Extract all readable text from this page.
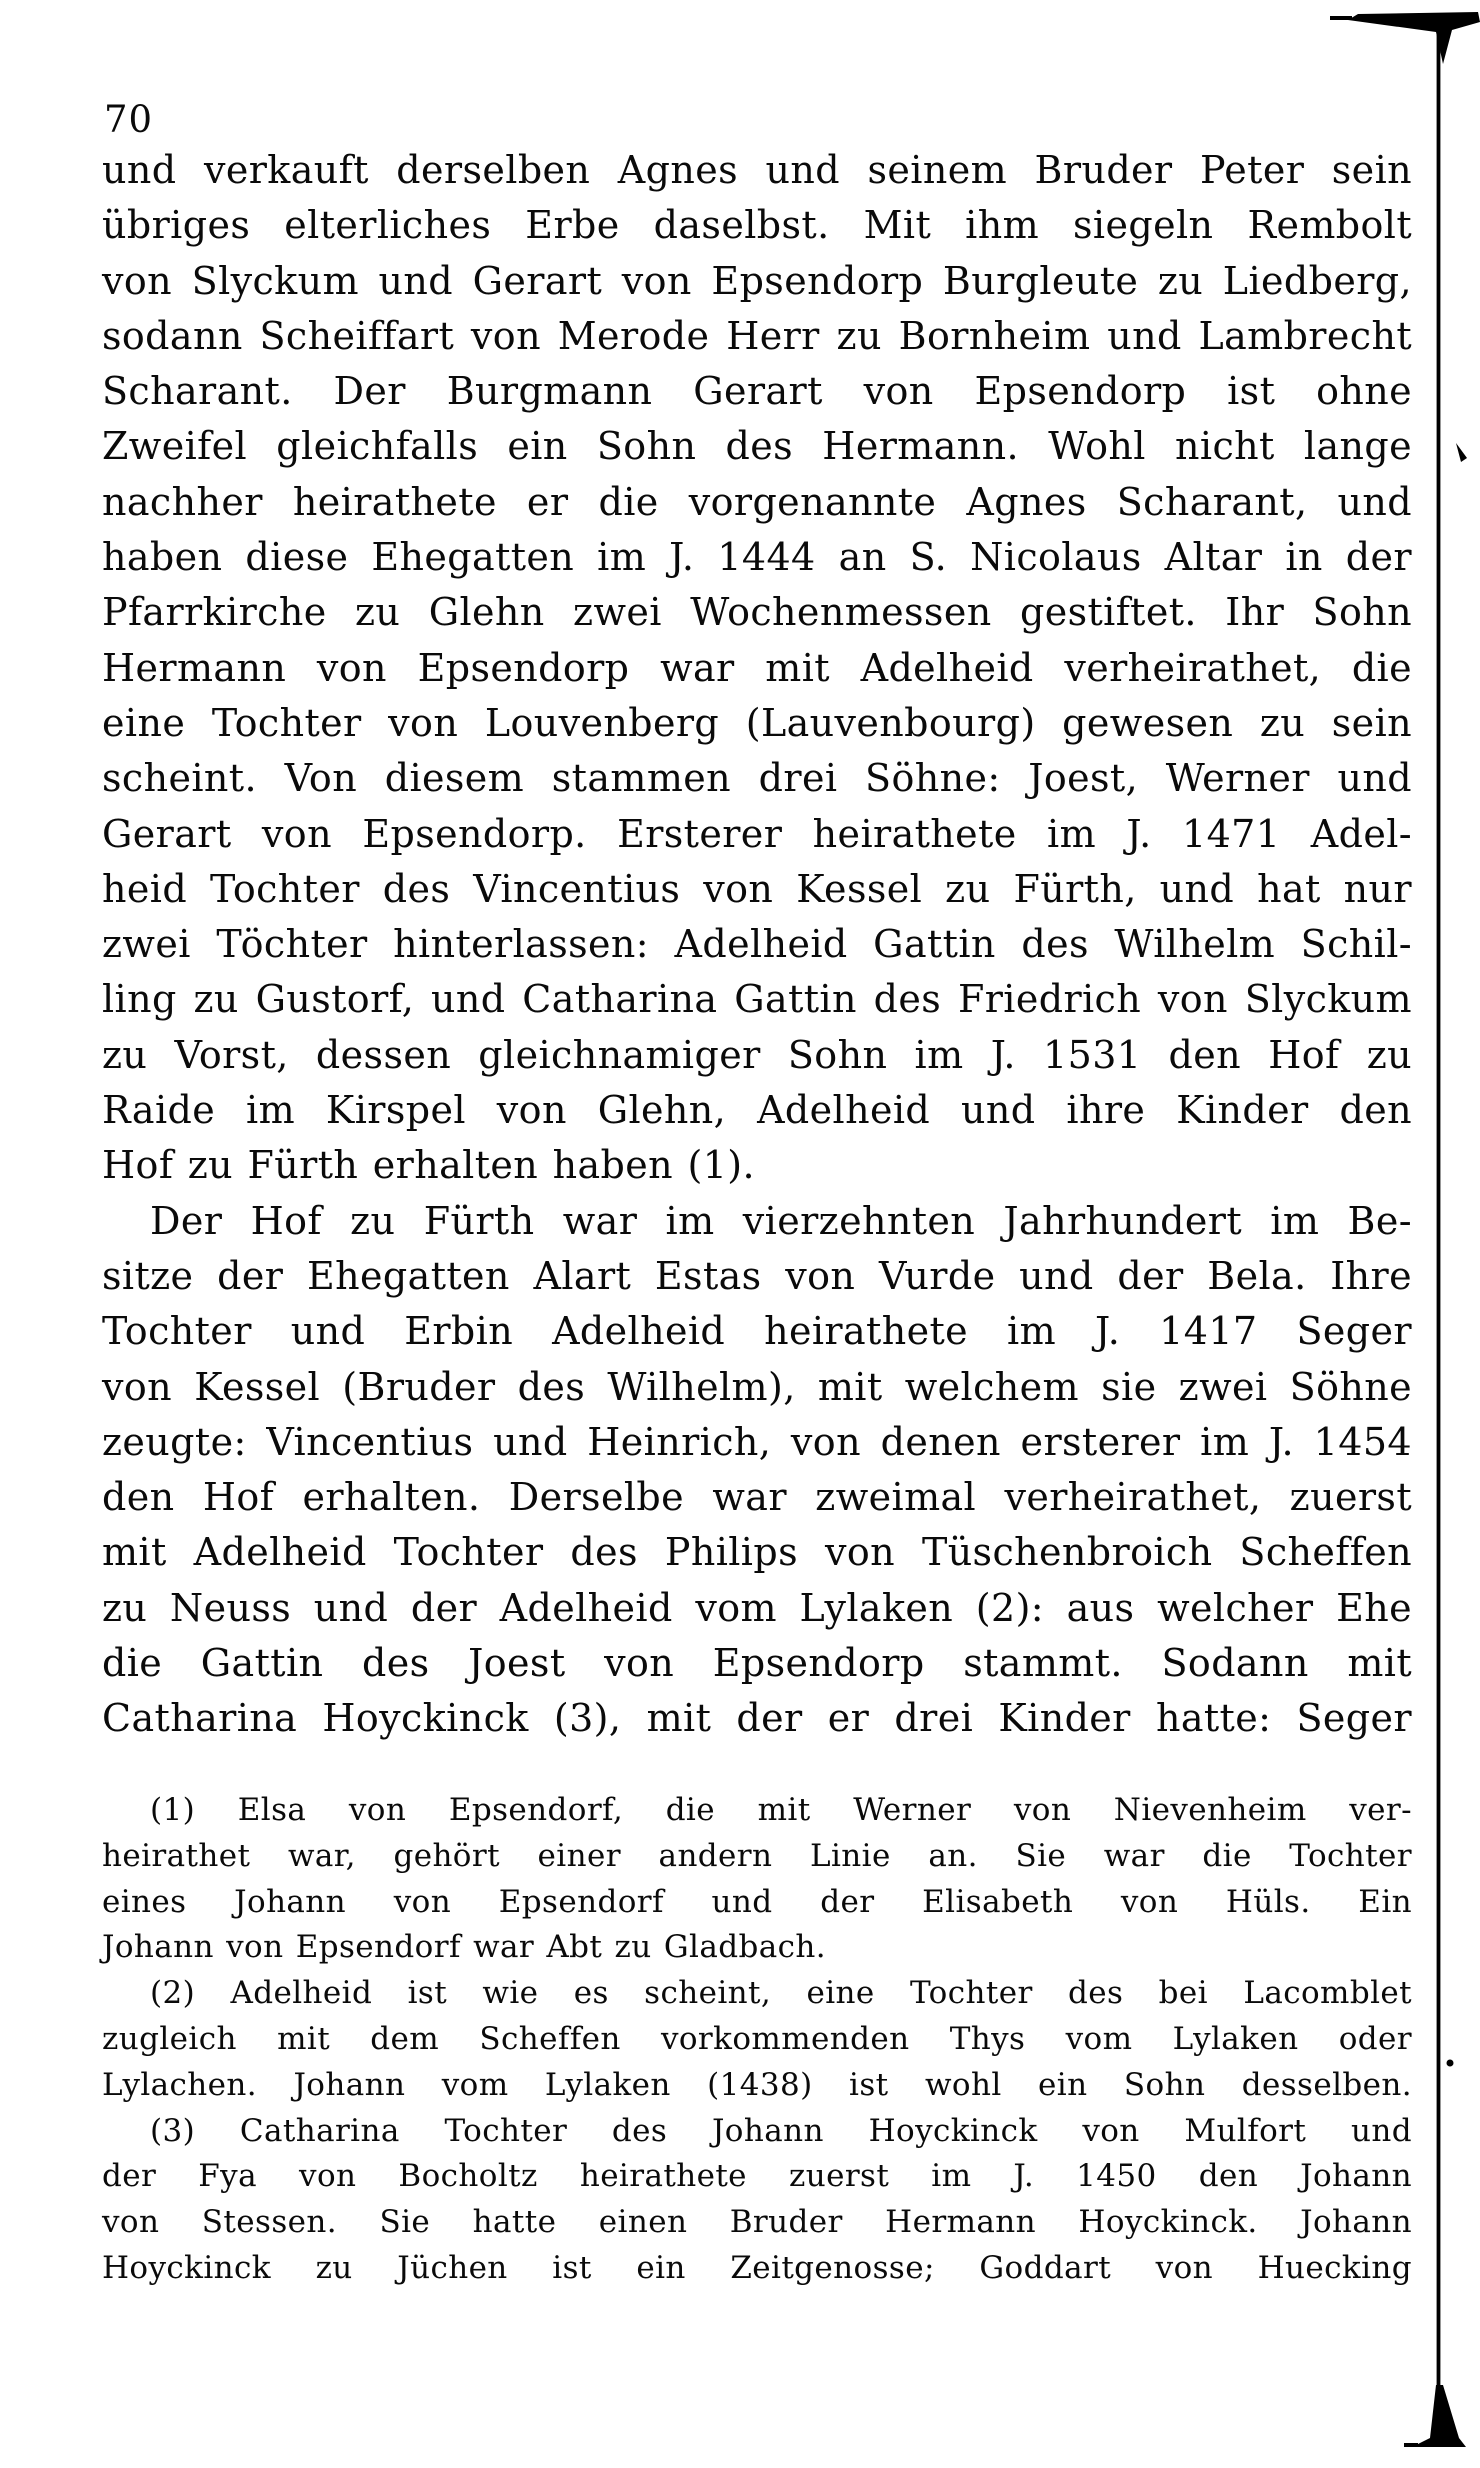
70
und verkauft derselben Agnes und seinem Bruder Peter sein
übriges elterliches Erbe daselbst. Mit ihm siegeln Rembolt
von Slyckum und Gerart von Epsendorp Burgleute zu Liedberg,
sodann Scheiffart von Merode Herr zu Bornheim und Lambrecht
Scharant. Der Burgmann Gerart von Epsendorp ist ohne
Zweifel gleichfalls ein Sohn des Hermann. Wohl nicht lange
nachher heirathete er die vorgenannte Agnes Scharant, und
haben diese Ehegatten im J. 1444 an S. Nicolaus Altar in der
Pfarrkirche zu Glehn zwei Wochenmessen gestiftet. Ihr Sohn
Hermann von Epsendorp war mit Adelheid verheirathet, die
eine Tochter von Louvenberg (Lauvenbourg) gewesen zu sein
scheint. Von diesem stammen drei Söhne: Joest, Werner und
Gerart von Epsendorp. Ersterer heirathete im J. 1471 Adel-
heid Tochter des Vincentius von Kessel zu Fürth, und hat nur
zwei Töchter hinterlassen: Adelheid Gattin des Wilhelm Schil-
ling zu Gustorf, und Catharina Gattin des Friedrich von Slyckum
zu Vorst, dessen gleichnamiger Sohn im J. 1531 den Hof zu
Raide im Kirspel von Glehn, Adelheid und ihre Kinder den
Hof zu Fürth erhalten haben (1).
Der Hof zu Fürth war im vierzehnten Jahrhundert im Be-
sitze der Ehegatten Alart Estas von Vurde und der Bela. Ihre
Tochter und Erbin Adelheid heirathete im J. 1417 Seger
von Kessel (Bruder des Wilhelm), mit welchem sie zwei Söhne
zeugte: Vincentius und Heinrich, von denen ersterer im J. 1454
den Hof erhalten. Derselbe war zweimal verheirathet, zuerst
mit Adelheid Tochter des Philips von Tüschenbroich Scheffen
zu Neuss und der Adelheid vom Lylaken (2): aus welcher Ehe
die Gattin des Joest von Epsendorp stammt. Sodann mit
Catharina Hoyckinck (3), mit der er drei Kinder hatte: Seger
(1) Elsa von Epsendorf, die mit Werner von Nievenheim ver-
heirathet war, gehört einer andern Linie an. Sie war die Tochter
eines Johann von Epsendorf und der Elisabeth von Hüls. Ein
Johann von Epsendorf war Abt zu Gladbach.
(2) Adelheid ist wie es scheint, eine Tochter des bei Lacomblet
zugleich mit dem Scheffen vorkommenden Thys vom Lylaken oder
Lylachen. Johann vom Lylaken (1438) ist wohl ein Sohn desselben.
(3) Catharina Tochter des Johann Hoyckinck von Mulfort und
der Fya von Bocholtz heirathete zuerst im J. 1450 den Johann
von Stessen. Sie hatte einen Bruder Hermann Hoyckinck. Johann
Hoyckinck zu Jüchen ist ein Zeitgenosse; Goddart von Huecking
